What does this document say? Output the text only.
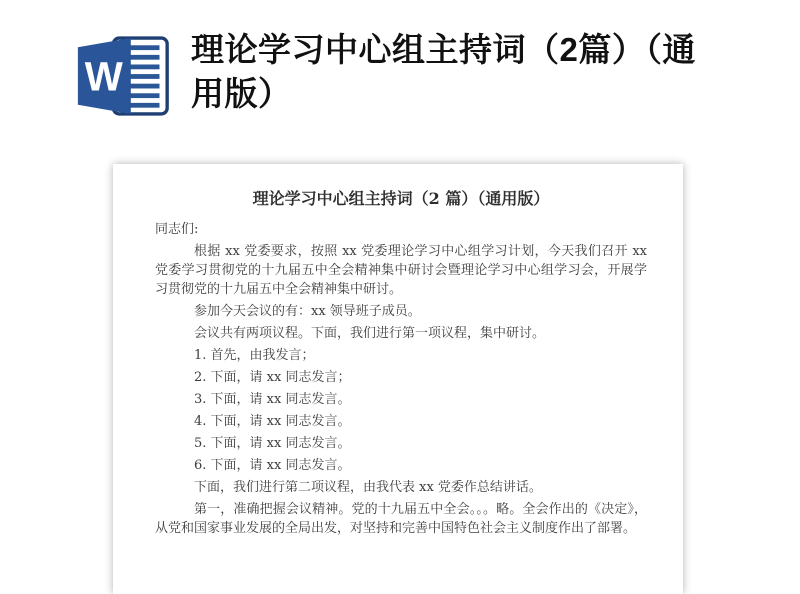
W
理论学习中心组主持词（2篇）（通用版）

理论学习中心组主持词（2 篇）（通用版）

同志们:

根据 xx 党委要求，按照 xx 党委理论学习中心组学习计划，今天我们召开 xx 党委学习贯彻党的十九届五中全会精神集中研讨会暨理论学习中心组学习会，开展学习贯彻党的十九届五中全会精神集中研讨。

参加今天会议的有：xx 领导班子成员。

会议共有两项议程。下面，我们进行第一项议程，集中研讨。

1. 首先，由我发言；

2. 下面，请 xx 同志发言；

3. 下面，请 xx 同志发言。

4. 下面，请 xx 同志发言。

5. 下面，请 xx 同志发言。

6. 下面，请 xx 同志发言。

下面，我们进行第二项议程，由我代表 xx 党委作总结讲话。

第一，准确把握会议精神。党的十九届五中全会。。。略。全会作出的《决定》，从党和国家事业发展的全局出发，对坚持和完善中国特色社会主义制度作出了部署。
